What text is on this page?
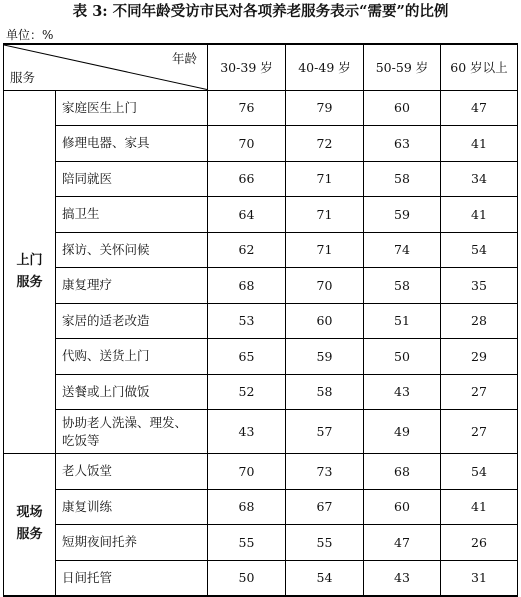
表 3: 不同年龄受访市民对各项养老服务表示“需要”的比例
单位：%
年龄
服务		30-39 岁	40-49 岁	50-59 岁	60 岁以上

上门
服务	家庭医生上门	76	79	60	47
	修理电器、家具	70	72	63	41
	陪同就医	66	71	58	34
	搞卫生	64	71	59	41
	探访、关怀问候	62	71	74	54
	康复理疗	68	70	58	35
	家居的适老改造	53	60	51	28
	代购、送货上门	65	59	50	29
	送餐或上门做饭	52	58	43	27

	协助老人洗澡、理发、
吃饭等	43	57	49	27

现场
服务	老人饭堂	70	73	68	54
	康复训练	68	67	60	41
	短期夜间托养	55	55	47	26
	日间托管	50	54	43	31
